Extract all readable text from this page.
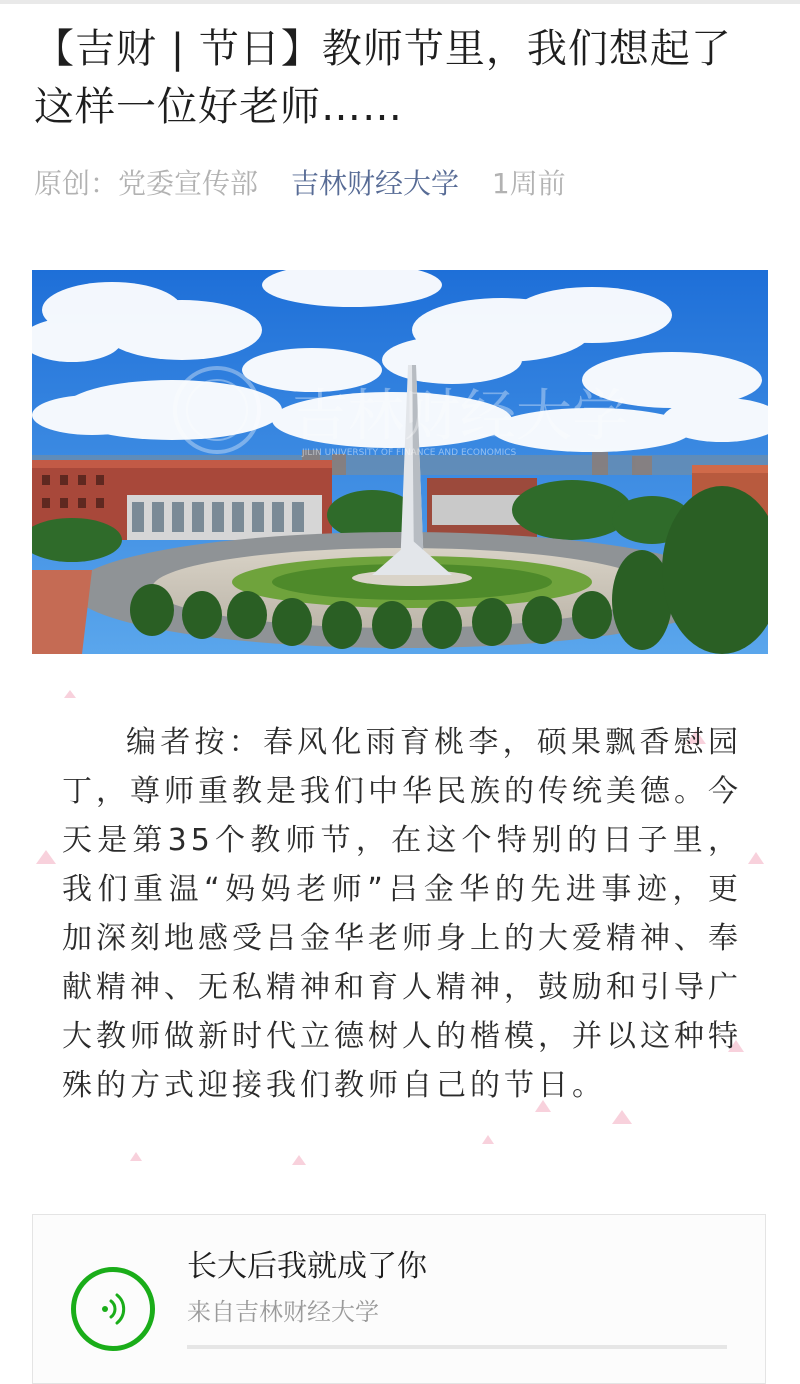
【吉财 | 节日】教师节里，我们想起了这样一位好老师……
原创：党委宣传部 吉林财经大学 1周前
吉林财经大学
JILIN UNIVERSITY OF FINANCE AND ECONOMICS

编者按：春风化雨育桃李，硕果飘香慰园丁，尊师重教是我们中华民族的传统美德。今天是第35个教师节，在这个特别的日子里，我们重温“妈妈老师”吕金华的先进事迹，更加深刻地感受吕金华老师身上的大爱精神、奉献精神、无私精神和育人精神，鼓励和引导广大教师做新时代立德树人的楷模，并以这种特殊的方式迎接我们教师自己的节日。

长大后我就成了你
来自吉林财经大学
